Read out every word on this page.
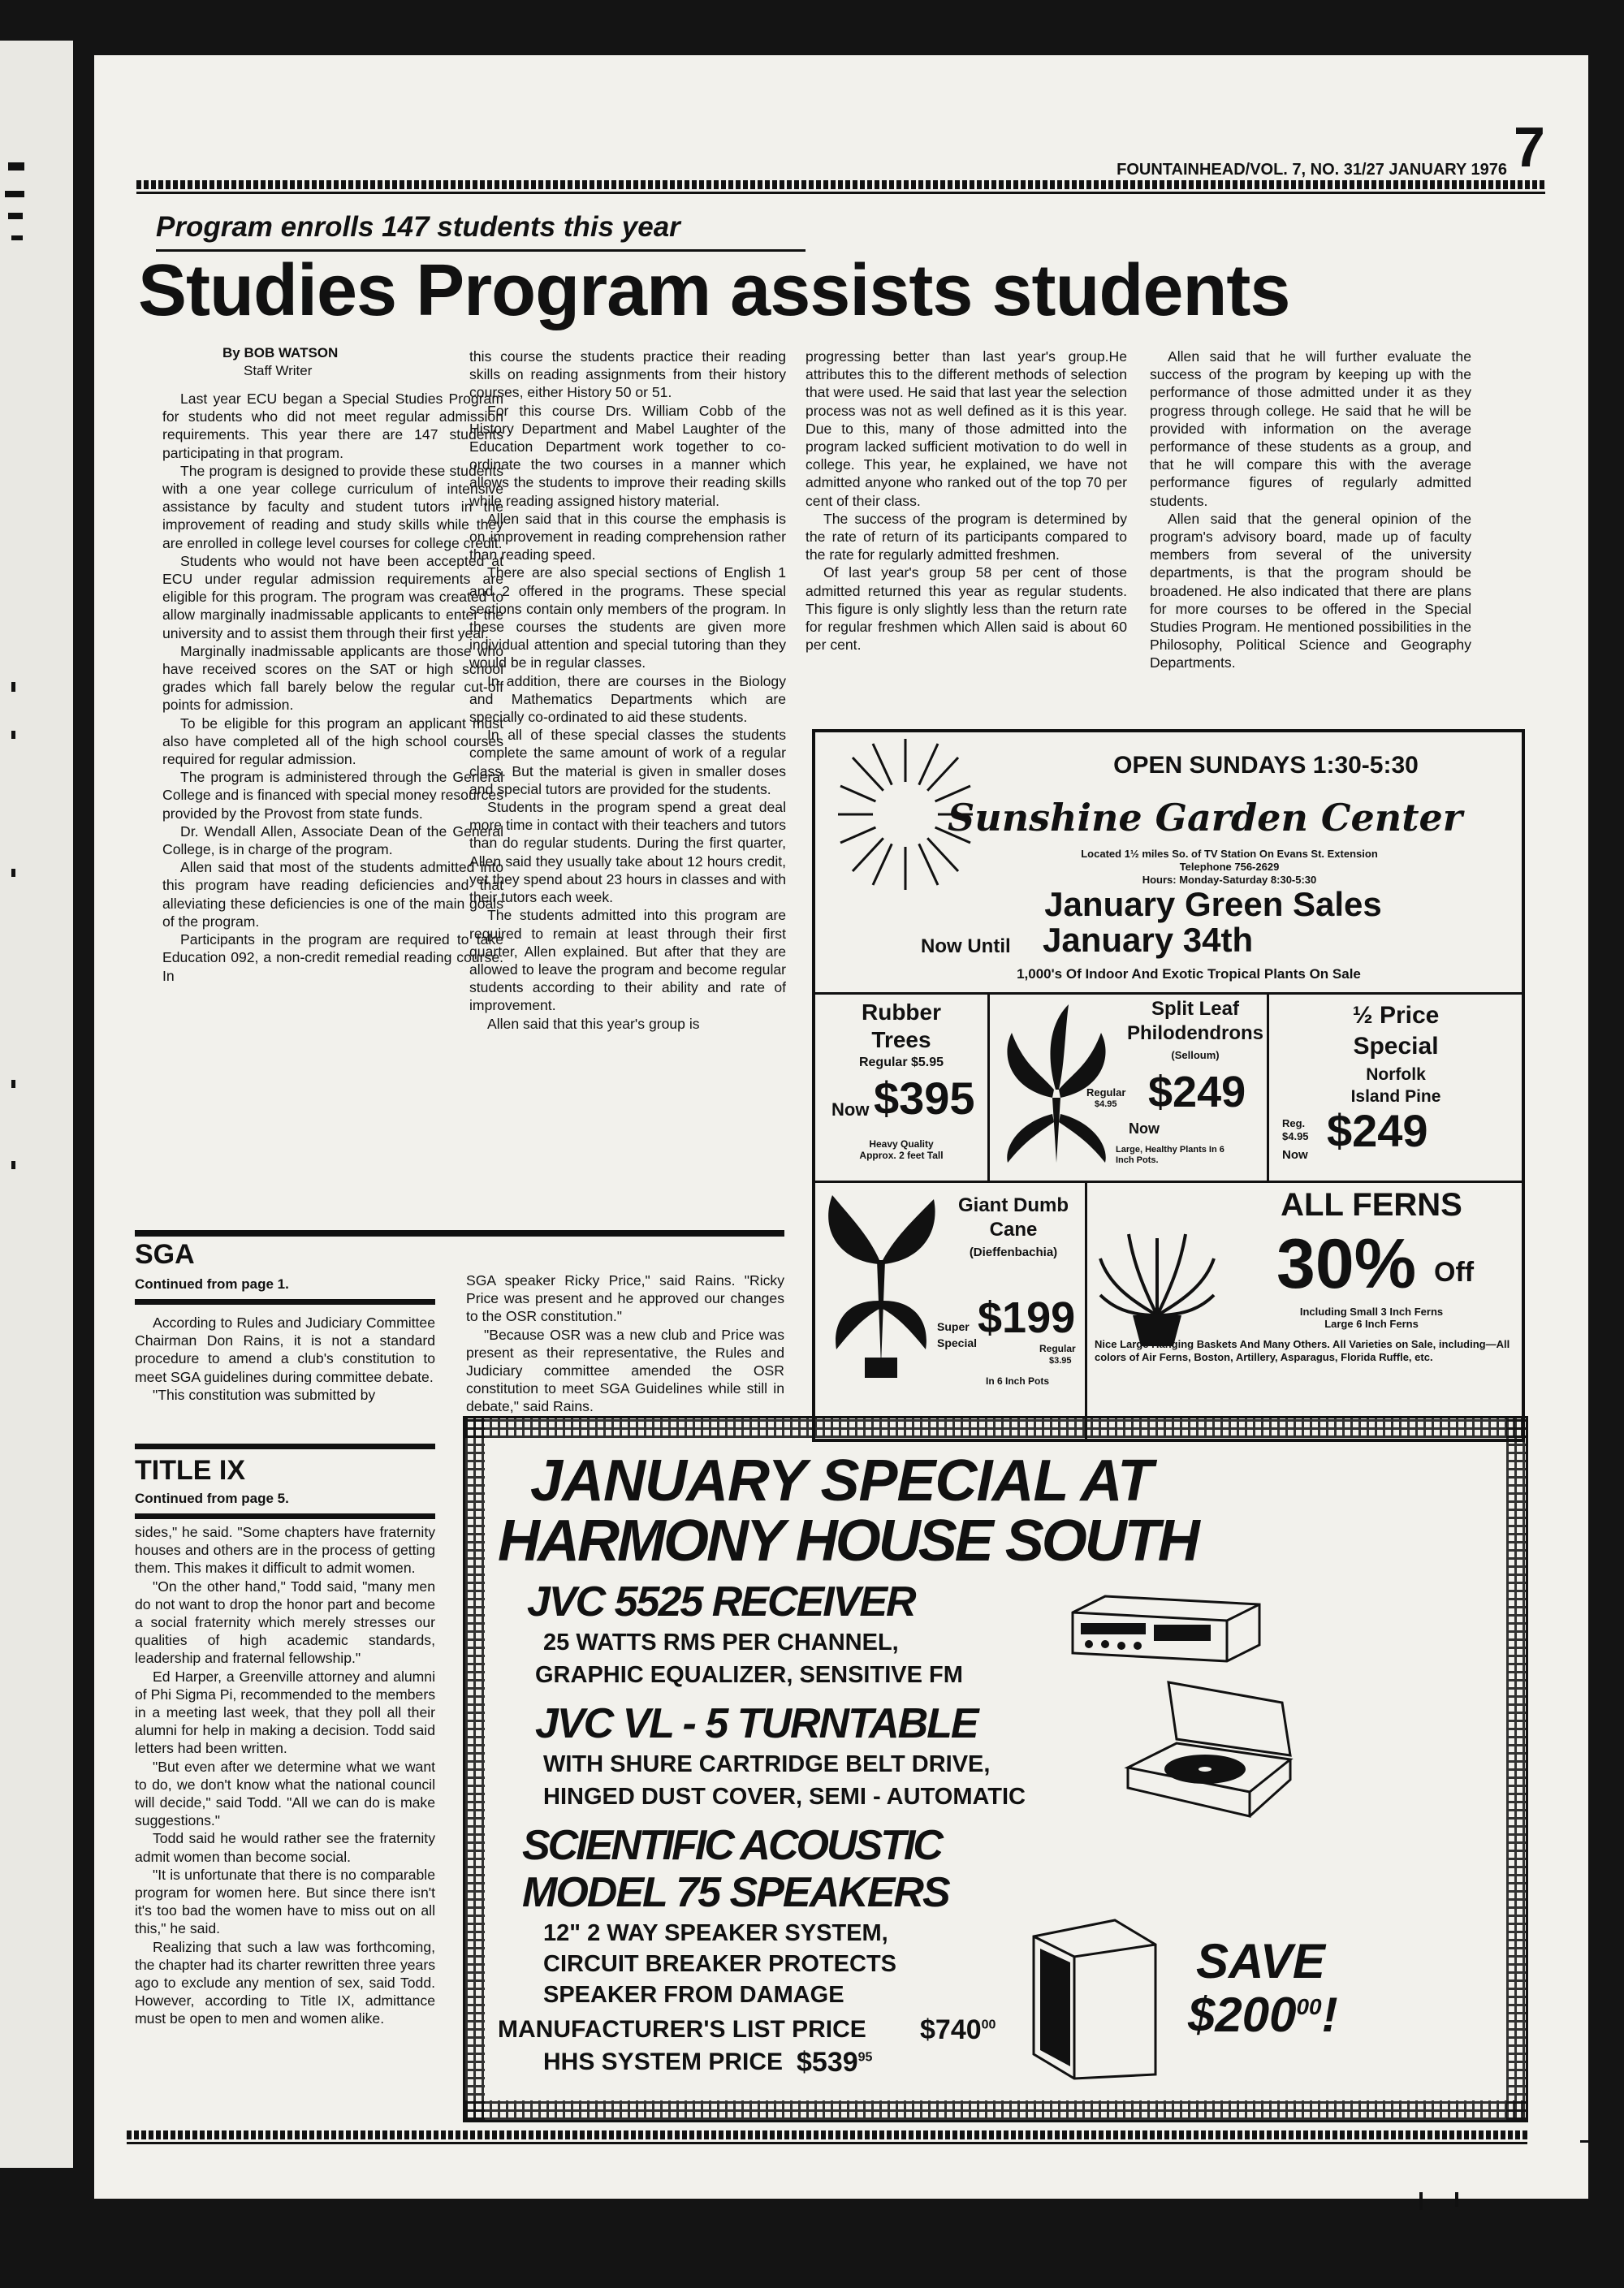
FOUNTAINHEAD/VOL. 7, NO. 31/27 JANUARY 1976 7
Program enrolls 147 students this year
Studies Program assists students
By BOB WATSON
Staff Writer

Last year ECU began a Special Studies Program for students who did not meet regular admission requirements. This year there are 147 students participating in that program.

The program is designed to provide these students with a one year college curriculum of intensive assistance by faculty and student tutors in the improvement of reading and study skills while they are enrolled in college level courses for college credit.

Students who would not have been accepted at ECU under regular admission requirements are eligible for this program. The program was created to allow marginally inadmissable applicants to enter the university and to assist them through their first year.

Marginally inadmissable applicants are those who have received scores on the SAT or high school grades which fall barely below the regular cut-off points for admission.

To be eligible for this program an applicant must also have completed all of the high school courses required for regular admission.

The program is administered through the General College and is financed with special money resources provided by the Provost from state funds.

Dr. Wendall Allen, Associate Dean of the General College, is in charge of the program.

Allen said that most of the students admitted into this program have reading deficiencies and that alleviating these deficiencies is one of the main goals of the program.

Participants in the program are required to take Education 092, a non-credit remedial reading course. In

this course the students practice their reading skills on reading assignments from their history courses, either History 50 or 51.

For this course Drs. William Cobb of the History Department and Mabel Laughter of the Education Department work together to co-ordinate the two courses in a manner which allows the students to improve their reading skills while reading assigned history material.

Allen said that in this course the emphasis is on improvement in reading comprehension rather than reading speed.

There are also special sections of English 1 and 2 offered in the programs. These special sections contain only members of the program. In these courses the students are given more individual attention and special tutoring than they would be in regular classes.

In addition, there are courses in the Biology and Mathematics Departments which are specially co-ordinated to aid these students.

In all of these special classes the students complete the same amount of work of a regular class. But the material is given in smaller doses and special tutors are provided for the students.

Students in the program spend a great deal more time in contact with their teachers and tutors than do regular students. During the first quarter, Allen said they usually take about 12 hours credit, yet they spend about 23 hours in classes and with their tutors each week.

The students admitted into this program are required to remain at least through their first quarter, Allen explained. But after that they are allowed to leave the program and become regular students according to their ability and rate of improvement.

Allen said that this year's group is

progressing better than last year's group.He attributes this to the different methods of selection that were used. He said that last year the selection process was not as well defined as it is this year. Due to this, many of those admitted into the program lacked sufficient motivation to do well in college. This year, he explained, we have not admitted anyone who ranked out of the top 70 per cent of their class.

The success of the program is determined by the rate of return of its participants compared to the rate for regularly admitted freshmen.

Of last year's group 58 per cent of those admitted returned this year as regular students. This figure is only slightly less than the return rate for regular freshmen which Allen said is about 60 per cent.

Allen said that he will further evaluate the success of the program by keeping up with the performance of those admitted under it as they progress through college. He said that he will be provided with information on the average performance of these students as a group, and that he will compare this with the average performance figures of regularly admitted students.

Allen said that the general opinion of the program's advisory board, made up of faculty members from several of the university departments, is that the program should be broadened. He also indicated that there are plans for more courses to be offered in the Special Studies Program. He mentioned possibilities in the Philosophy, Political Science and Geography Departments.

SGA
Continued from page 1.

According to Rules and Judiciary Committee Chairman Don Rains, it is not a standard procedure to amend a club's constitution to meet SGA guidelines during committee debate.

"This constitution was submitted by

SGA speaker Ricky Price," said Rains. "Ricky Price was present and he approved our changes to the OSR constitution."

"Because OSR was a new club and Price was present as their representative, the Rules and Judiciary committee amended the OSR constitution to meet SGA Guidelines while still in debate," said Rains.

TITLE IX
Continued from page 5.

sides," he said. "Some chapters have fraternity houses and others are in the process of getting them. This makes it difficult to admit women.

"On the other hand," Todd said, "many men do not want to drop the honor part and become a social fraternity which merely stresses our qualities of high academic standards, leadership and fraternal fellowship."

Ed Harper, a Greenville attorney and alumni of Phi Sigma Pi, recommended to the members in a meeting last week, that they poll all their alumni for help in making a decision. Todd said letters had been written.

"But even after we determine what we want to do, we don't know what the national council will decide," said Todd. "All we can do is make suggestions."

Todd said he would rather see the fraternity admit women than become social.

"It is unfortunate that there is no comparable program for women here. But since there isn't it's too bad the women have to miss out on all this," he said.

Realizing that such a law was forthcoming, the chapter had its charter rewritten three years ago to exclude any mention of sex, said Todd. However, according to Title IX, admittance must be open to men and women alike.

OPEN SUNDAYS 1:30-5:30
Sunshine Garden Center
Located 1½ miles So. of TV Station On Evans St. Extension
Telephone 756-2629
Hours: Monday-Saturday 8:30-5:30
January Green Sales
Now Until January 34th
1,000's Of Indoor And Exotic Tropical Plants On Sale
Rubber
Trees
Regular $5.95
Now $395
Heavy Quality
Approx. 2 feet Tall
Split Leaf
Philodendrons
(Selloum)
Regular
$4.95
Now
$249
Large, Healthy Plants In 6
Inch Pots.
½ Price
Special
Norfolk
Island Pine
Reg.
$4.95
Now $249
Giant Dumb
Cane
(Dieffenbachia)
Super
Special
$199
Regular
$3.95
In 6 Inch Pots
ALL FERNS
30% Off
Including Small 3 Inch Ferns
Large 6 Inch Ferns
Nice Large Hanging Baskets And Many Others. All Varieties on Sale, including—All colors of Air Ferns, Boston, Artillery, Asparagus, Florida Ruffle, etc.
JANUARY SPECIAL AT
HARMONY HOUSE SOUTH
JVC 5525 RECEIVER
25 WATTS RMS PER CHANNEL,
GRAPHIC EQUALIZER, SENSITIVE FM
JVC VL - 5 TURNTABLE
WITH SHURE CARTRIDGE BELT DRIVE,
HINGED DUST COVER, SEMI - AUTOMATIC
SCIENTIFIC ACOUSTIC
MODEL 75 SPEAKERS
12" 2 WAY SPEAKER SYSTEM,
CIRCUIT BREAKER PROTECTS
SPEAKER FROM DAMAGE
MANUFACTURER'S LIST PRICE $\$740^{00}$
HHS SYSTEM PRICE $\$539^{95}$
SAVE
$\$200^{00}$!
